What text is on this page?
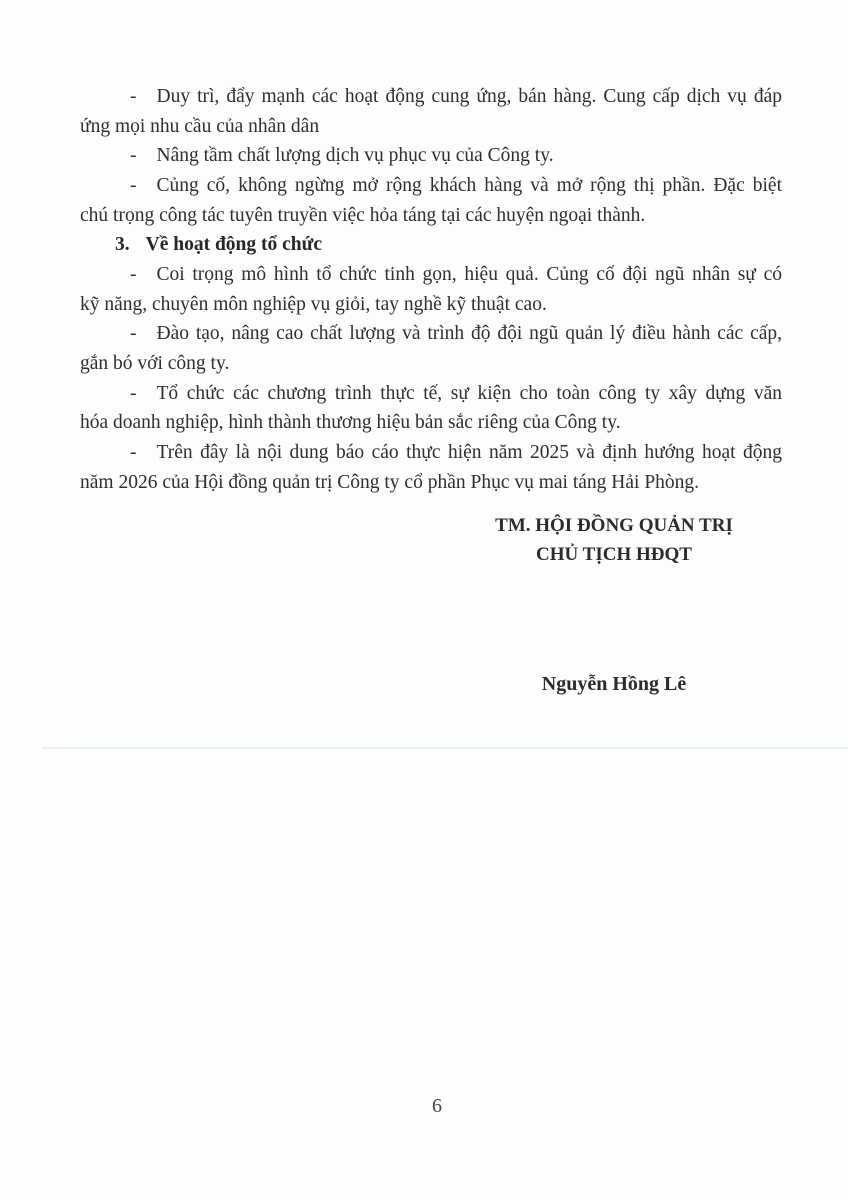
- Duy trì, đẩy mạnh các hoạt động cung ứng, bán hàng. Cung cấp dịch vụ đáp
ứng mọi nhu cầu của nhân dân
- Nâng tầm chất lượng dịch vụ phục vụ của Công ty.
- Củng cố, không ngừng mở rộng khách hàng và mở rộng thị phần. Đặc biệt
chú trọng công tác tuyên truyền việc hỏa táng tại các huyện ngoại thành.
3. Về hoạt động tổ chức
- Coi trọng mô hình tổ chức tinh gọn, hiệu quả. Củng cố đội ngũ nhân sự có
kỹ năng, chuyên môn nghiệp vụ giỏi, tay nghề kỹ thuật cao.
- Đào tạo, nâng cao chất lượng và trình độ đội ngũ quản lý điều hành các cấp,
gắn bó với công ty.
- Tổ chức các chương trình thực tế, sự kiện cho toàn công ty xây dựng văn
hóa doanh nghiệp, hình thành thương hiệu bản sắc riêng của Công ty.
- Trên đây là nội dung báo cáo thực hiện năm 2025 và định hướng hoạt động
năm 2026 của Hội đồng quản trị Công ty cổ phần Phục vụ mai táng Hải Phòng.
TM. HỘI ĐỒNG QUẢN TRỊ
CHỦ TỊCH HĐQT
Nguyễn Hồng Lê
6
